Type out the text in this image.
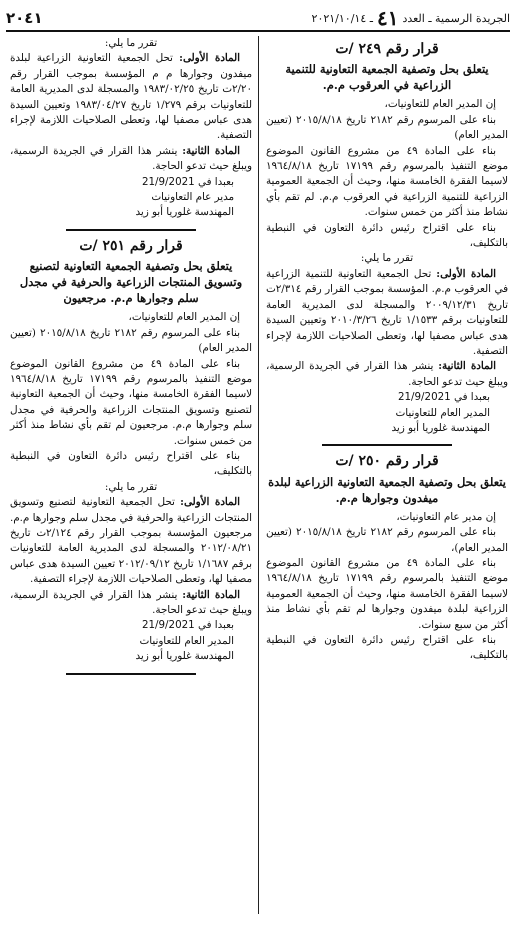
الجريدة الرسمية ـ العدد
٤١
ـ ٢٠٢١/١٠/١٤
٢٠٤١
قرار رقم ٢٤٩ /ت
يتعلق بحل وتصفية الجمعية التعاونية للتنمية الزراعية في العرقوب م.م.

إن المدير العام للتعاونيات،

بناء على المرسوم رقم ٢١٨٢ تاريخ ٢٠١٥/٨/١٨ (تعيين المدير العام)

بناء على المادة ٤٩ من مشروع القانون الموضوع موضع التنفيذ بالمرسوم رقم ١٧١٩٩ تاريخ ١٩٦٤/٨/١٨ لاسيما الفقرة الخامسة منها، وحيث أن الجمعية العمومية الزراعية للتنمية الزراعية في العرقوب م.م. لم تقم بأي نشاط منذ أكثر من خمس سنوات.

بناء على اقتراح رئيس دائرة التعاون في النبطية بالتكليف،

تقرر ما يلي:

المادة الأولى: تحل الجمعية التعاونية للتنمية الزراعية في العرقوب م.م. المؤسسة بموجب القرار رقم ٢/٣١٤ت تاريخ ٢٠٠٩/١٢/٣١ والمسجلة لدى المديرية العامة للتعاونيات برقم ١/١٥٣٣ تاريخ ٢٠١٠/٣/٢٦ وتعيين السيدة هدى عباس مصفيا لها، وتعطى الصلاحيات اللازمة لإجراء التصفية.

المادة الثانية: ينشر هذا القرار في الجريدة الرسمية، ويبلغ حيث تدعو الحاجة.

بعبدا في 21/9/2021

المدير العام للتعاونيات

المهندسة غلوريا أبو زيد

قرار رقم ٢٥٠ /ت
يتعلق بحل وتصفية الجمعية التعاونية الزراعية لبلدة ميفدون وجوارها م.م.

إن مدير عام التعاونيات،

بناء على المرسوم رقم ٢١٨٢ تاريخ ٢٠١٥/٨/١٨ (تعيين المدير العام)،

بناء على المادة ٤٩ من مشروع القانون الموضوع موضع التنفيذ بالمرسوم رقم ١٧١٩٩ تاريخ ١٩٦٤/٨/١٨ لاسيما الفقرة الخامسة منها، وحيث أن الجمعية العمومية الزراعية لبلدة ميفدون وجوارها لم تقم بأي نشاط منذ أكثر من سبع سنوات.

بناء على اقتراح رئيس دائرة التعاون في النبطية بالتكليف،

تقرر ما يلي:

المادة الأولى: تحل الجمعية التعاونية الزراعية لبلدة ميفدون وجوارها م م المؤسسة بموجب القرار رقم ٢/٢٠ت تاريخ ١٩٨٣/٠٢/٢٥ والمسجلة لدى المديرية العامة للتعاونيات برقم ١/٢٧٩ تاريخ ١٩٨٣/٠٤/٢٧ وتعيين السيدة هدى عباس مصفيا لها، وتعطى الصلاحيات اللازمة لإجراء التصفية.

المادة الثانية: ينشر هذا القرار في الجريدة الرسمية، ويبلغ حيث تدعو الحاجة.

بعبدا في 21/9/2021

مدير عام التعاونيات

المهندسة غلوريا أبو زيد

قرار رقم ٢٥١ /ت
يتعلق بحل وتصفية الجمعية التعاونية لتصنيع وتسويق المنتجات الزراعية والحرفية في مجدل سلم وجوارها م.م. مرجعيون

إن المدير العام للتعاونيات،

بناء على المرسوم رقم ٢١٨٢ تاريخ ٢٠١٥/٨/١٨ (تعيين المدير العام)

بناء على المادة ٤٩ من مشروع القانون الموضوع موضع التنفيذ بالمرسوم رقم ١٧١٩٩ تاريخ ١٩٦٤/٨/١٨ لاسيما الفقرة الخامسة منها، وحيث أن الجمعية التعاونية لتصنيع وتسويق المنتجات الزراعية والحرفية في مجدل سلم وجوارها م.م. مرجعيون لم تقم بأي نشاط منذ أكثر من خمس سنوات.

بناء على اقتراح رئيس دائرة التعاون في النبطية بالتكليف،

تقرر ما يلي:

المادة الأولى: تحل الجمعية التعاونية لتصنيع وتسويق المنتجات الزراعية والحرفية في مجدل سلم وجوارها م.م. مرجعيون المؤسسة بموجب القرار رقم ٢/١٢٤ت تاريخ ٢٠١٢/٠٨/٢١ والمسجلة لدى المديرية العامة للتعاونيات برقم ١/١٦٨٧ تاريخ ٢٠١٢/٠٩/١٢ تعيين السيدة هدى عباس مصفيا لها، وتعطى الصلاحيات اللازمة لإجراء التصفية.

المادة الثانية: ينشر هذا القرار في الجريدة الرسمية، ويبلغ حيث تدعو الحاجة.

بعبدا في 21/9/2021

المدير العام للتعاونيات

المهندسة غلوريا أبو زيد
